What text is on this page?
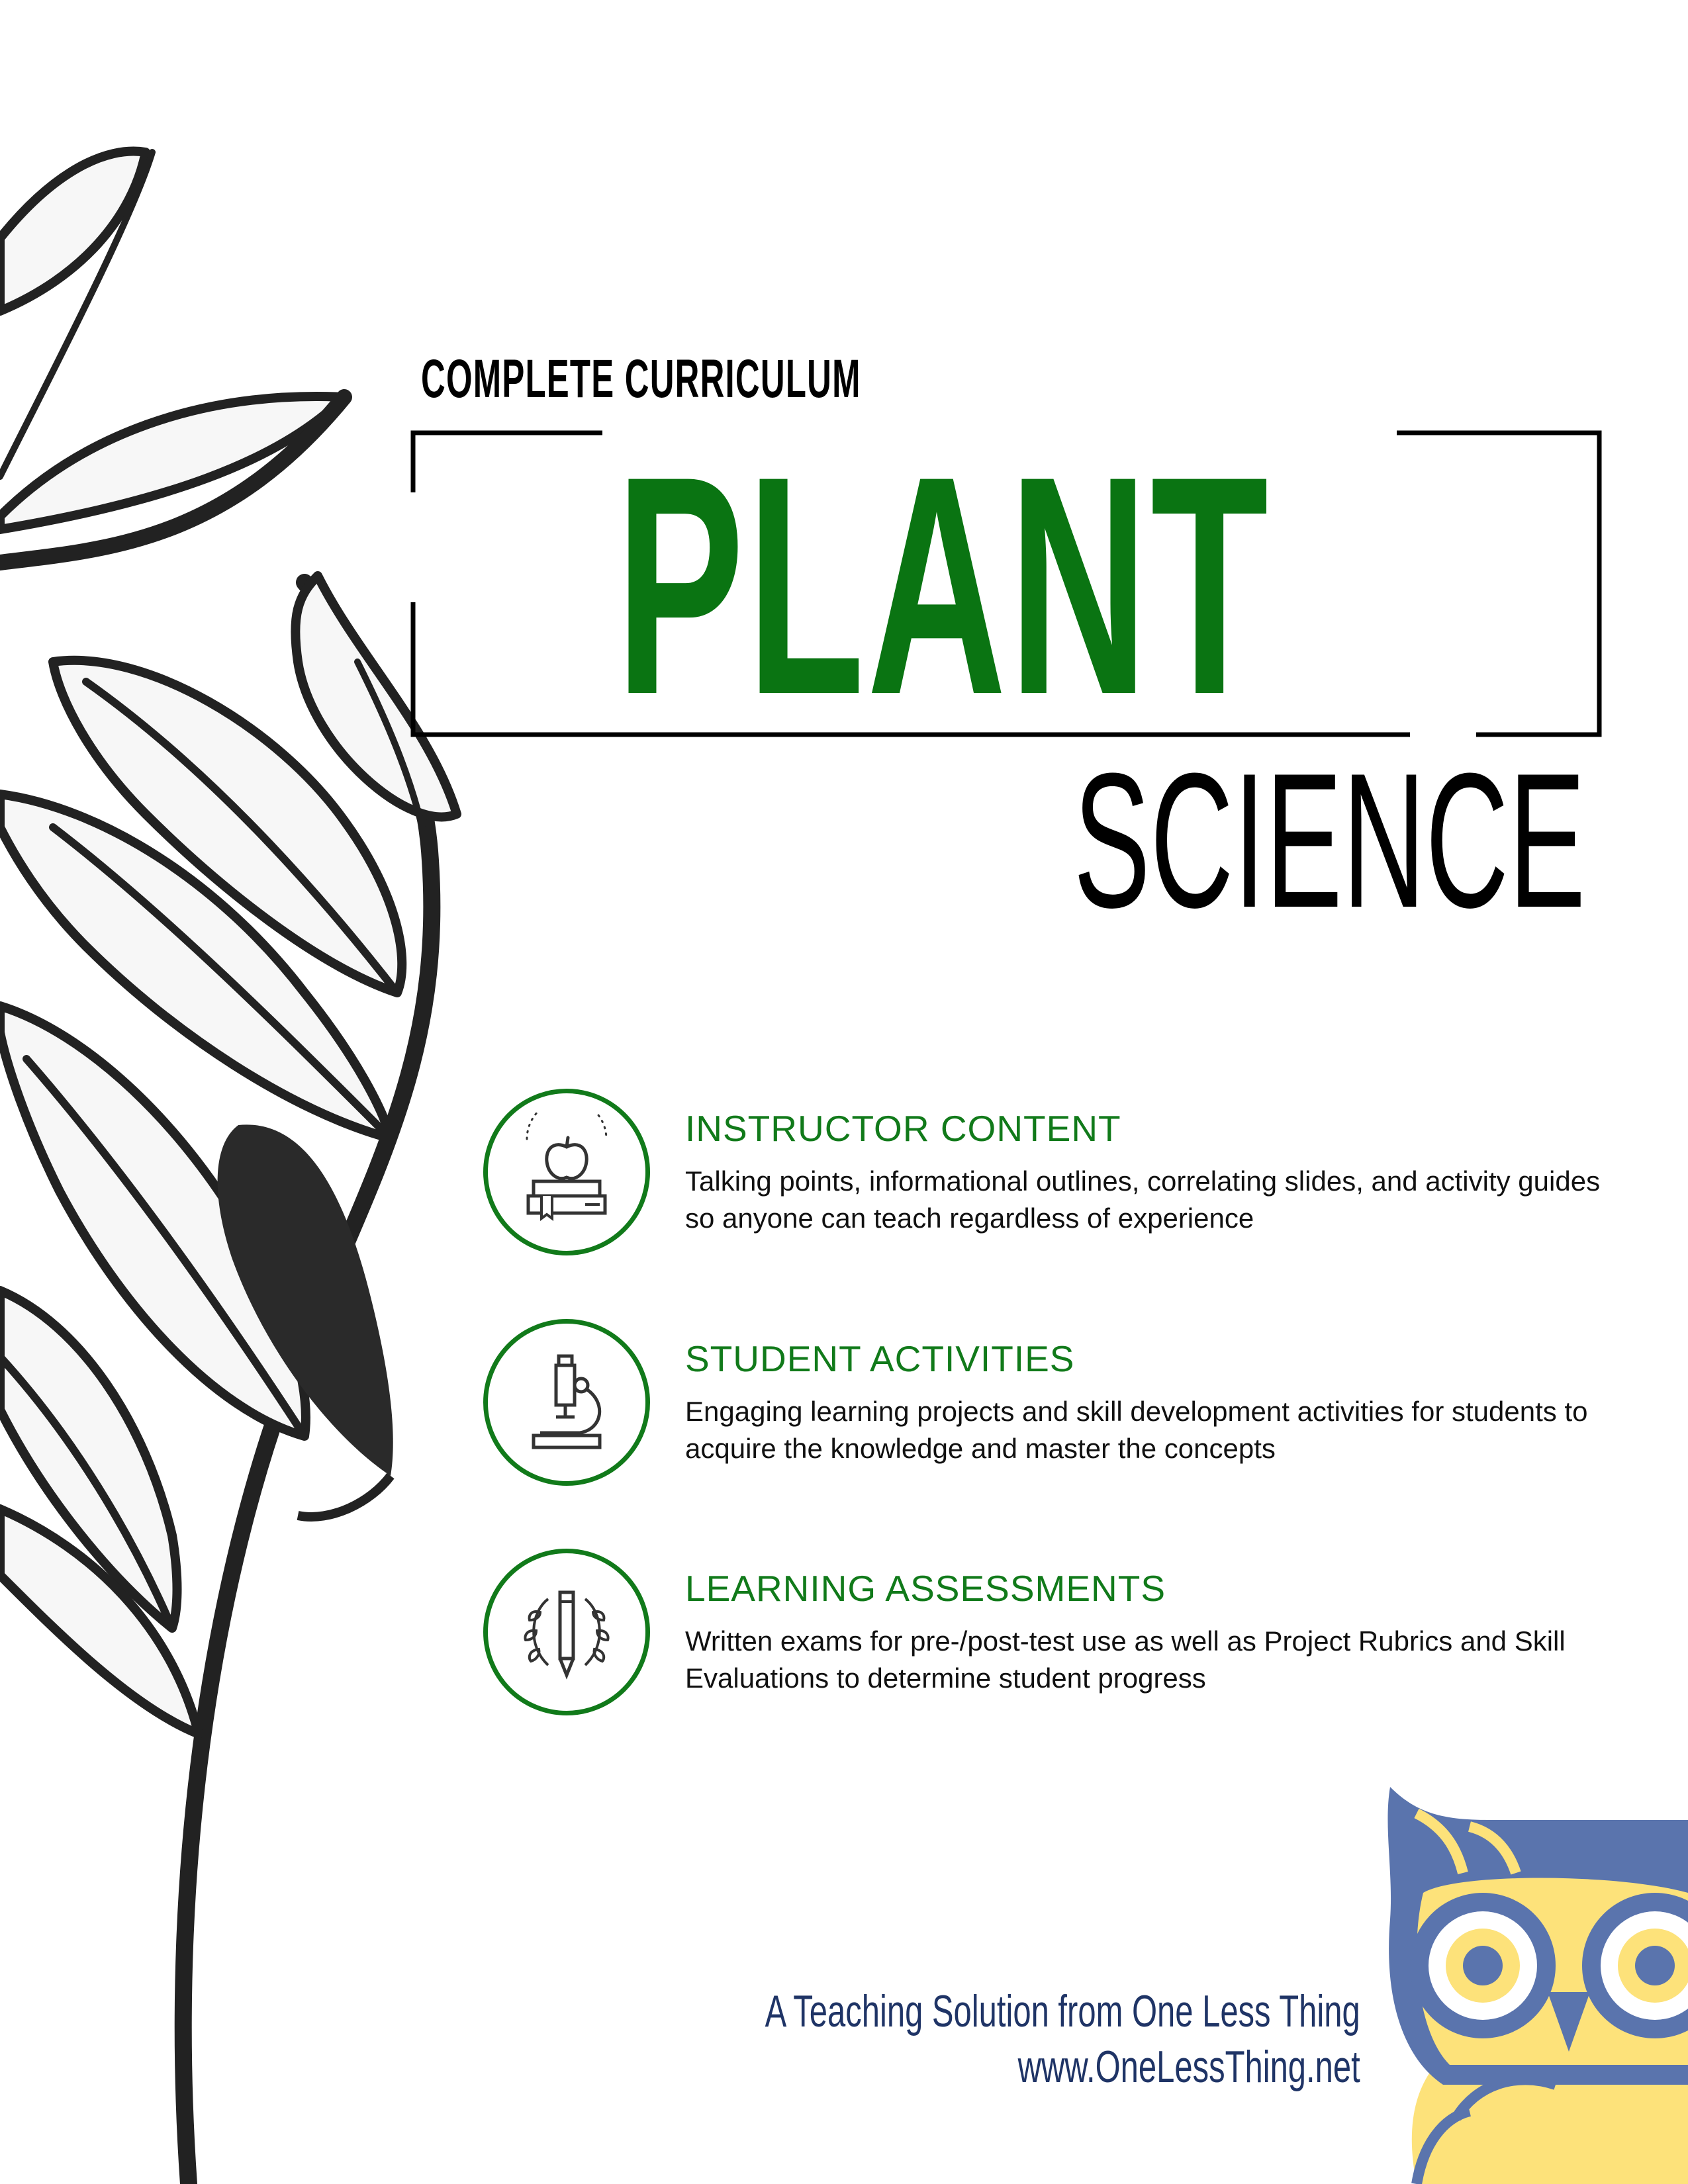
COMPLETE CURRICULUM
PLANT
SCIENCE
INSTRUCTOR CONTENT
Talking points, informational outlines, correlating slides, and activity guides so anyone can teach regardless of experience
STUDENT ACTIVITIES
Engaging learning projects and skill development activities for students to acquire the knowledge and master the concepts
LEARNING ASSESSMENTS
Written exams for pre-/post-test use as well as Project Rubrics and Skill Evaluations to determine student progress
A Teaching Solution from One Less Thing
www.OneLessThing.net
